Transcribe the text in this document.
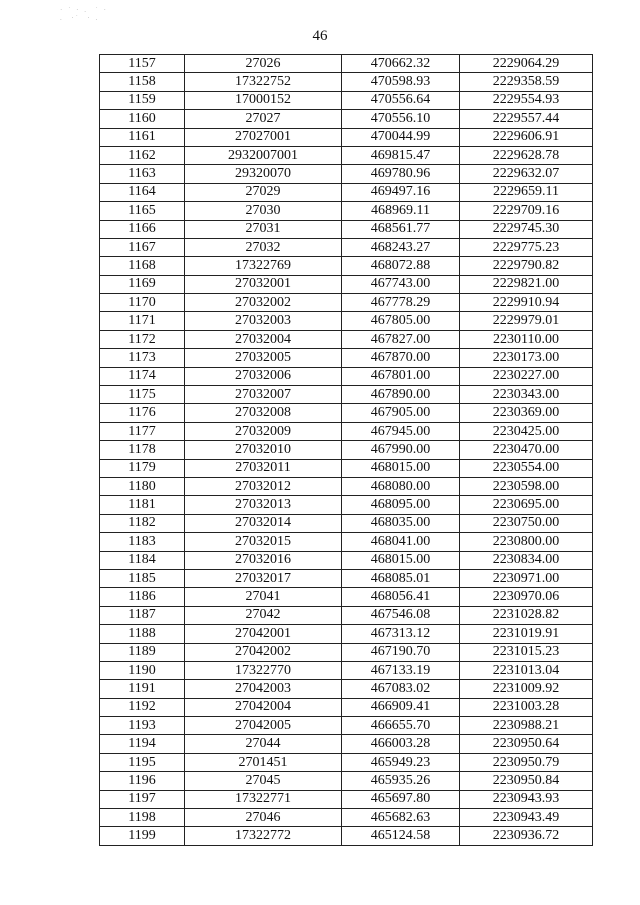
· ˙ · .  ˙ ·
.  ·˙  · .
46
1157	27026	470662.32	2229064.29
1158	17322752	470598.93	2229358.59
1159	17000152	470556.64	2229554.93
1160	27027	470556.10	2229557.44
1161	27027001	470044.99	2229606.91
1162	2932007001	469815.47	2229628.78
1163	29320070	469780.96	2229632.07
1164	27029	469497.16	2229659.11
1165	27030	468969.11	2229709.16
1166	27031	468561.77	2229745.30
1167	27032	468243.27	2229775.23
1168	17322769	468072.88	2229790.82
1169	27032001	467743.00	2229821.00
1170	27032002	467778.29	2229910.94
1171	27032003	467805.00	2229979.01
1172	27032004	467827.00	2230110.00
1173	27032005	467870.00	2230173.00
1174	27032006	467801.00	2230227.00
1175	27032007	467890.00	2230343.00
1176	27032008	467905.00	2230369.00
1177	27032009	467945.00	2230425.00
1178	27032010	467990.00	2230470.00
1179	27032011	468015.00	2230554.00
1180	27032012	468080.00	2230598.00
1181	27032013	468095.00	2230695.00
1182	27032014	468035.00	2230750.00
1183	27032015	468041.00	2230800.00
1184	27032016	468015.00	2230834.00
1185	27032017	468085.01	2230971.00
1186	27041	468056.41	2230970.06
1187	27042	467546.08	2231028.82
1188	27042001	467313.12	2231019.91
1189	27042002	467190.70	2231015.23
1190	17322770	467133.19	2231013.04
1191	27042003	467083.02	2231009.92
1192	27042004	466909.41	2231003.28
1193	27042005	466655.70	2230988.21
1194	27044	466003.28	2230950.64
1195	2701451	465949.23	2230950.79
1196	27045	465935.26	2230950.84
1197	17322771	465697.80	2230943.93
1198	27046	465682.63	2230943.49
1199	17322772	465124.58	2230936.72
